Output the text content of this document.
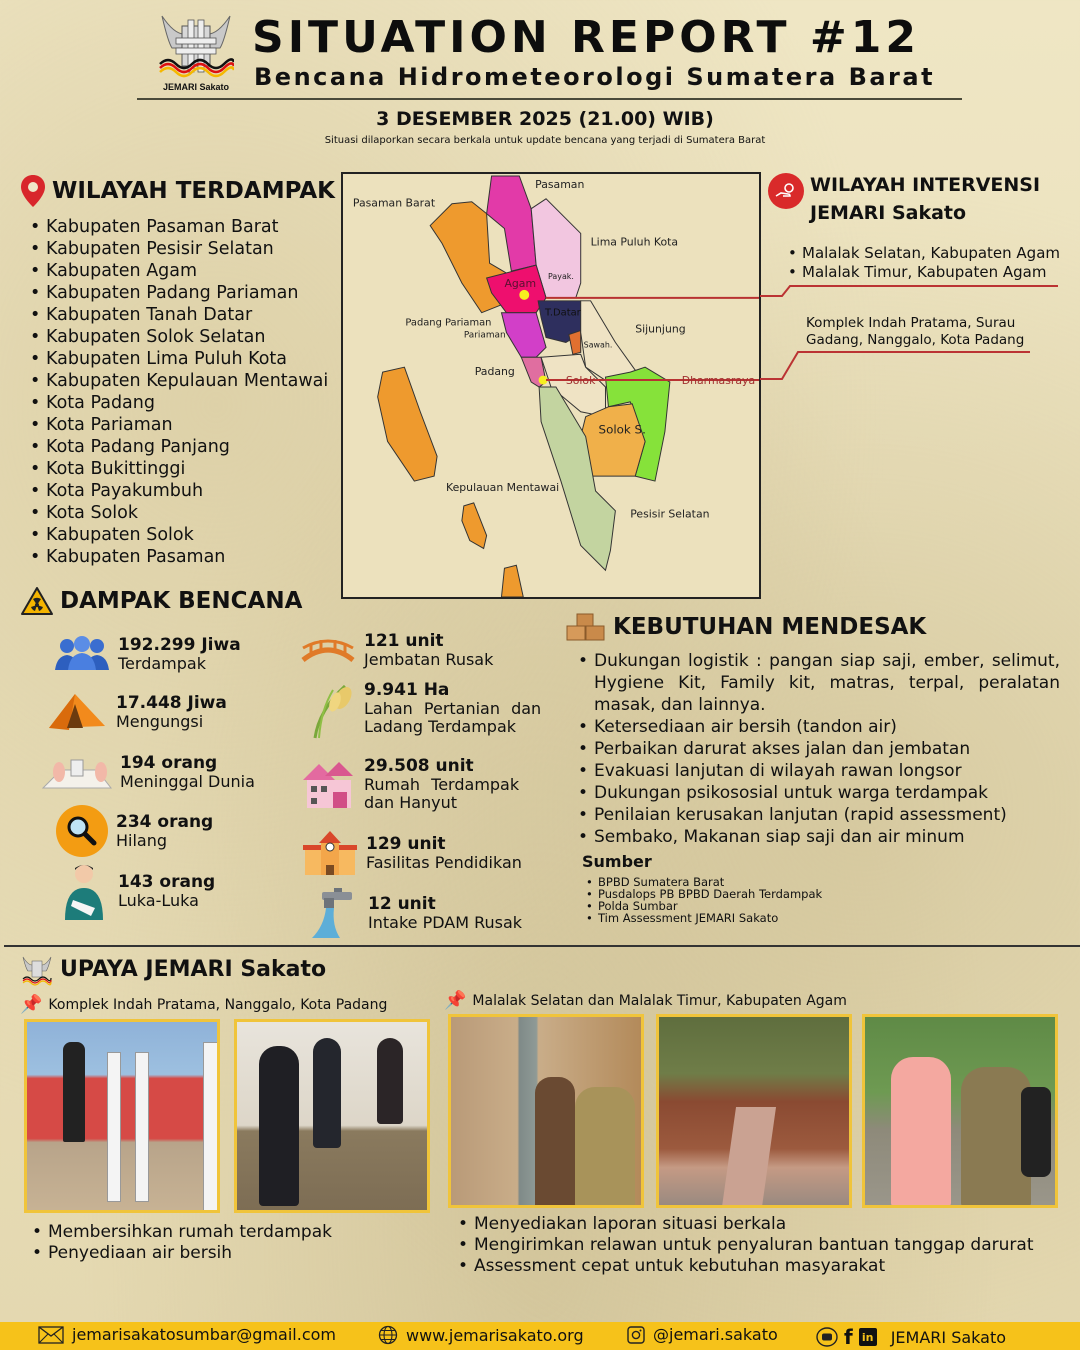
JEMARI Sakato
SITUATION REPORT #12
Bencana Hidrometeorologi Sumatera Barat
3 DESEMBER 2025 (21.00) WIB)
Situasi dilaporkan secara berkala untuk update bencana yang terjadi di Sumatera Barat
WILAYAH TERDAMPAK
• Kabupaten Pasaman Barat
• Kabupaten Pesisir Selatan
• Kabupaten Agam
• Kabupaten Padang Pariaman
• Kabupaten Tanah Datar
• Kabupaten Solok Selatan
• Kabupaten Lima Puluh Kota
• Kabupaten Kepulauan Mentawai
• Kota Padang
• Kota Pariaman
• Kota Padang Panjang
• Kota Bukittinggi
• Kota Payakumbuh
• Kota Solok
• Kabupaten Solok
• Kabupaten Pasaman
Pasaman
Pasaman Barat
Lima Puluh Kota
Payak.
Agam
T.Datar
Padang Pariaman
Pariaman	Sijunjung
Sawah.
Padang
Solok	Dharmasraya
Solok S.
Kepulauan Mentawai
Pesisir Selatan
WILAYAH INTERVENSI
JEMARI Sakato
• Malalak Selatan, Kabupaten Agam
• Malalak Timur, Kabupaten Agam
Komplek Indah Pratama, Surau
Gadang, Nanggalo, Kota Padang
DAMPAK BENCANA
192.299 Jiwa
Terdampak
17.448 Jiwa
Mengungsi
194 orang
Meninggal Dunia
234 orang
Hilang
143 orang
Luka-Luka
121 unit
Jembatan Rusak
9.941 Ha
Lahan Pertanian dan
Ladang Terdampak
29.508 unit
Rumah Terdampak
dan Hanyut
129 unit
Fasilitas Pendidikan
12 unit
Intake PDAM Rusak
KEBUTUHAN MENDESAK
• Dukungan logistik : pangan siap saji, ember, selimut, Hygiene Kit, Family kit, matras, terpal, peralatan masak, dan lainnya.
• Ketersediaan air bersih (tandon air)
• Perbaikan darurat akses jalan dan jembatan
• Evakuasi lanjutan di wilayah rawan longsor
• Dukungan psikososial untuk warga terdampak
• Penilaian kerusakan lanjutan (rapid assessment)
• Sembako, Makanan siap saji dan air minum
Sumber
• BPBD Sumatera Barat
• Pusdalops PB BPBD Daerah Terdampak
• Polda Sumbar
• Tim Assessment JEMARI Sakato
UPAYA JEMARI Sakato
📌 Komplek Indah Pratama, Nanggalo, Kota Padang	📌 Malalak Selatan dan Malalak Timur, Kabupaten Agam
• Membersihkan rumah terdampak
• Penyediaan air bersih
• Menyediakan laporan situasi berkala
• Mengirimkan relawan untuk penyaluran bantuan tanggap darurat
• Assessment cepat untuk kebutuhan masyarakat
jemarisakatosumbar@gmail.com	www.jemarisakato.org	@jemari.sakato	f in JEMARI Sakato
